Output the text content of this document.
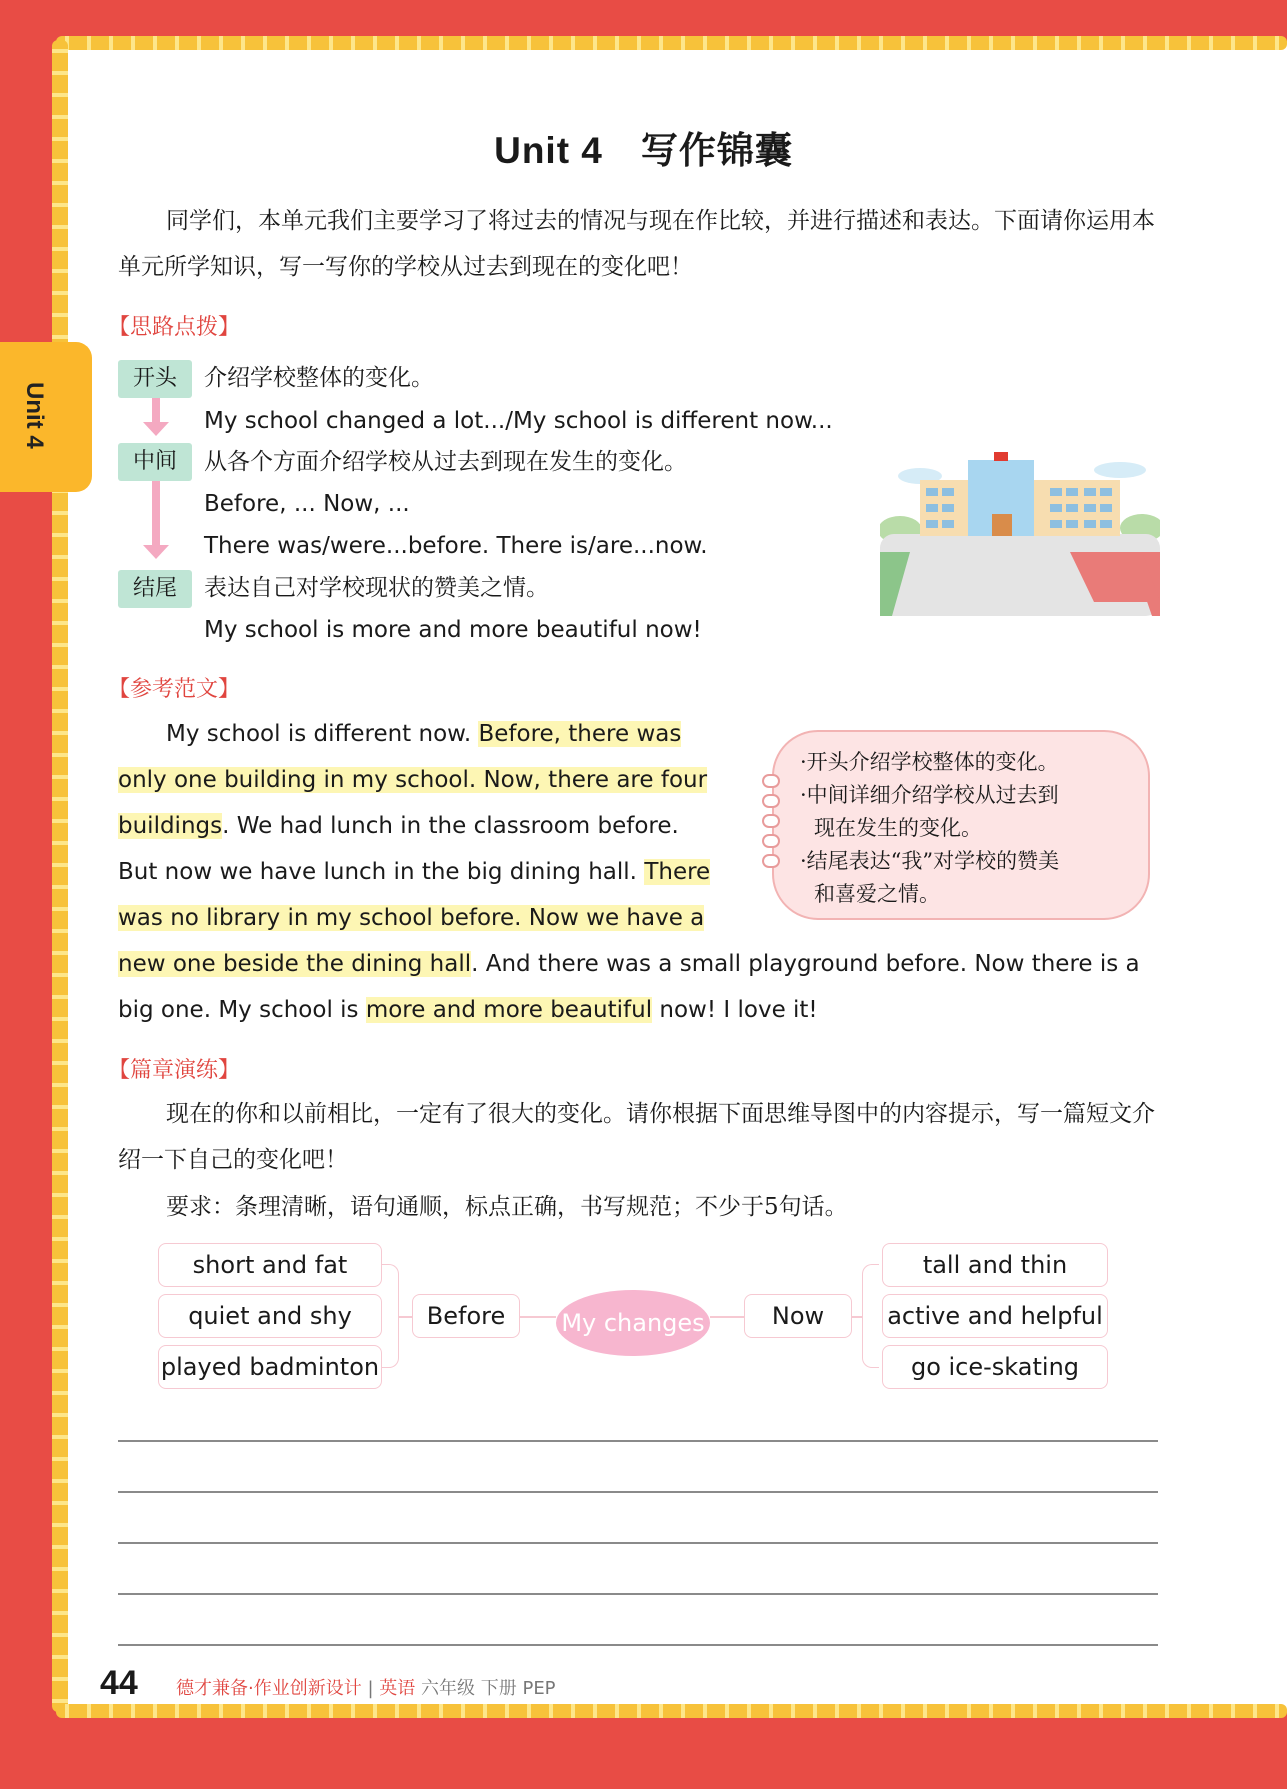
Unit 4
Unit 4　写作锦囊
同学们，本单元我们主要学习了将过去的情况与现在作比较，并进行描述和表达。下面请你运用本单元所学知识，写一写你的学校从过去到现在的变化吧！
【思路点拨】
开头
中间
结尾
介绍学校整体的变化。
My school changed a lot.../My school is different now...
从各个方面介绍学校从过去到现在发生的变化。
Before, ... Now, ...
There was/were...before. There is/are...now.
表达自己对学校现状的赞美之情。
My school is more and more beautiful now!
【参考范文】
My school is different now. Before, there was
only one building in my school. Now, there are four
buildings. We had lunch in the classroom before.
But now we have lunch in the big dining hall. There
was no library in my school before. Now we have a
new one beside the dining hall. And there was a small playground before. Now there is a
big one. My school is more and more beautiful now! I love it!
·开头介绍学校整体的变化。
·中间详细介绍学校从过去到
现在发生的变化。
·结尾表达“我”对学校的赞美
和喜爱之情。
【篇章演练】
现在的你和以前相比，一定有了很大的变化。请你根据下面思维导图中的内容提示，写一篇短文介绍一下自己的变化吧！
要求：条理清晰，语句通顺，标点正确，书写规范；不少于5句话。
short and fat
quiet and shy
played badminton
Before	My changes	Now
tall and thin
active and helpful
go ice-skating
44 德才兼备·作业创新设计 | 英语 六年级 下册 PEP
